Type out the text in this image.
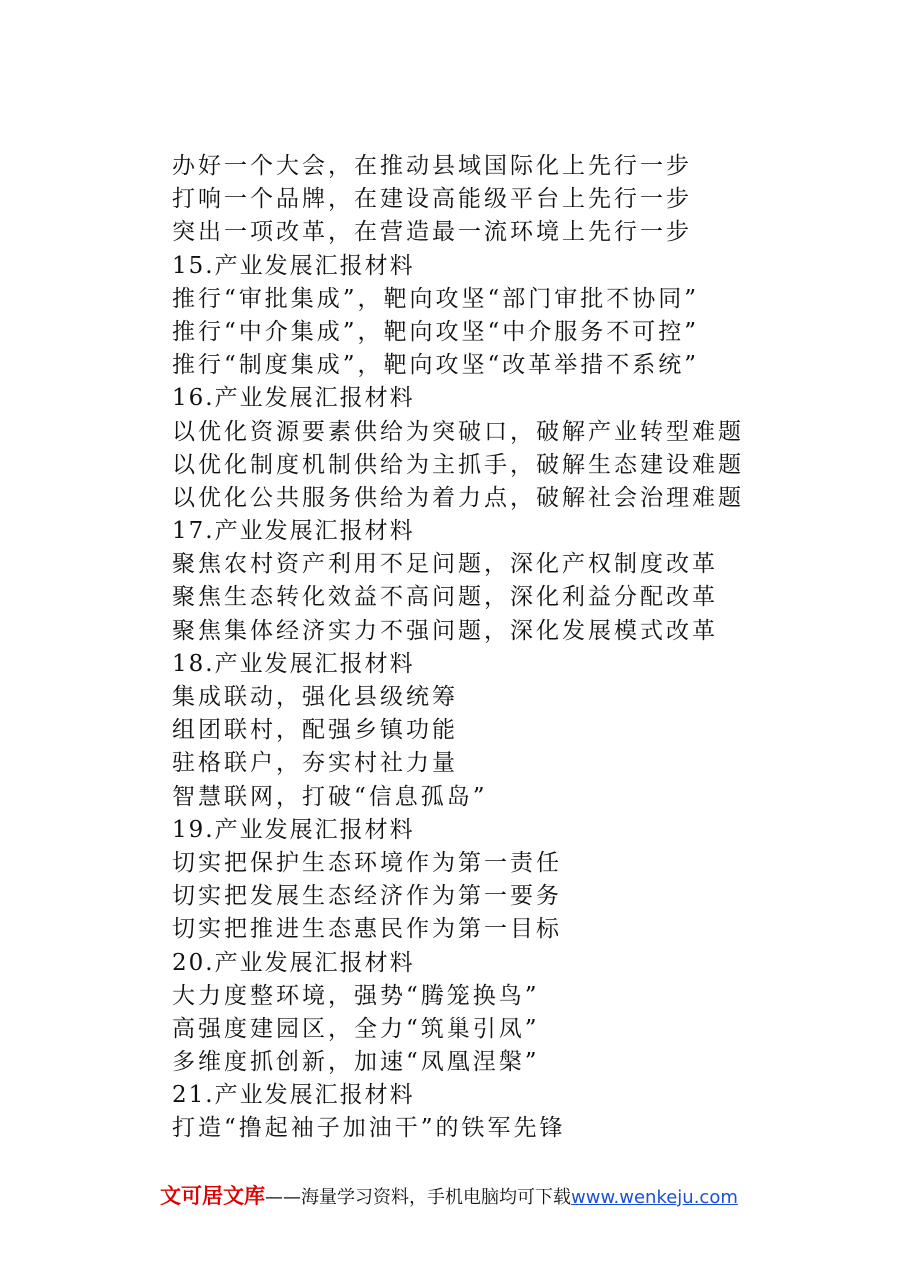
办好一个大会，在推动县域国际化上先行一步
打响一个品牌，在建设高能级平台上先行一步
突出一项改革，在营造最一流环境上先行一步
15.产业发展汇报材料
推行“审批集成”，靶向攻坚“部门审批不协同”
推行“中介集成”，靶向攻坚“中介服务不可控”
推行“制度集成”，靶向攻坚“改革举措不系统”
16.产业发展汇报材料
以优化资源要素供给为突破口，破解产业转型难题
以优化制度机制供给为主抓手，破解生态建设难题
以优化公共服务供给为着力点，破解社会治理难题
17.产业发展汇报材料
聚焦农村资产利用不足问题，深化产权制度改革
聚焦生态转化效益不高问题，深化利益分配改革
聚焦集体经济实力不强问题，深化发展模式改革
18.产业发展汇报材料
集成联动，强化县级统筹
组团联村，配强乡镇功能
驻格联户，夯实村社力量
智慧联网，打破“信息孤岛”
19.产业发展汇报材料
切实把保护生态环境作为第一责任
切实把发展生态经济作为第一要务
切实把推进生态惠民作为第一目标
20.产业发展汇报材料
大力度整环境，强势“腾笼换鸟”
高强度建园区，全力“筑巢引凤”
多维度抓创新，加速“凤凰涅槃”
21.产业发展汇报材料
打造“撸起袖子加油干”的铁军先锋
文可居文库——海量学习资料，手机电脑均可下载www.wenkeju.com
